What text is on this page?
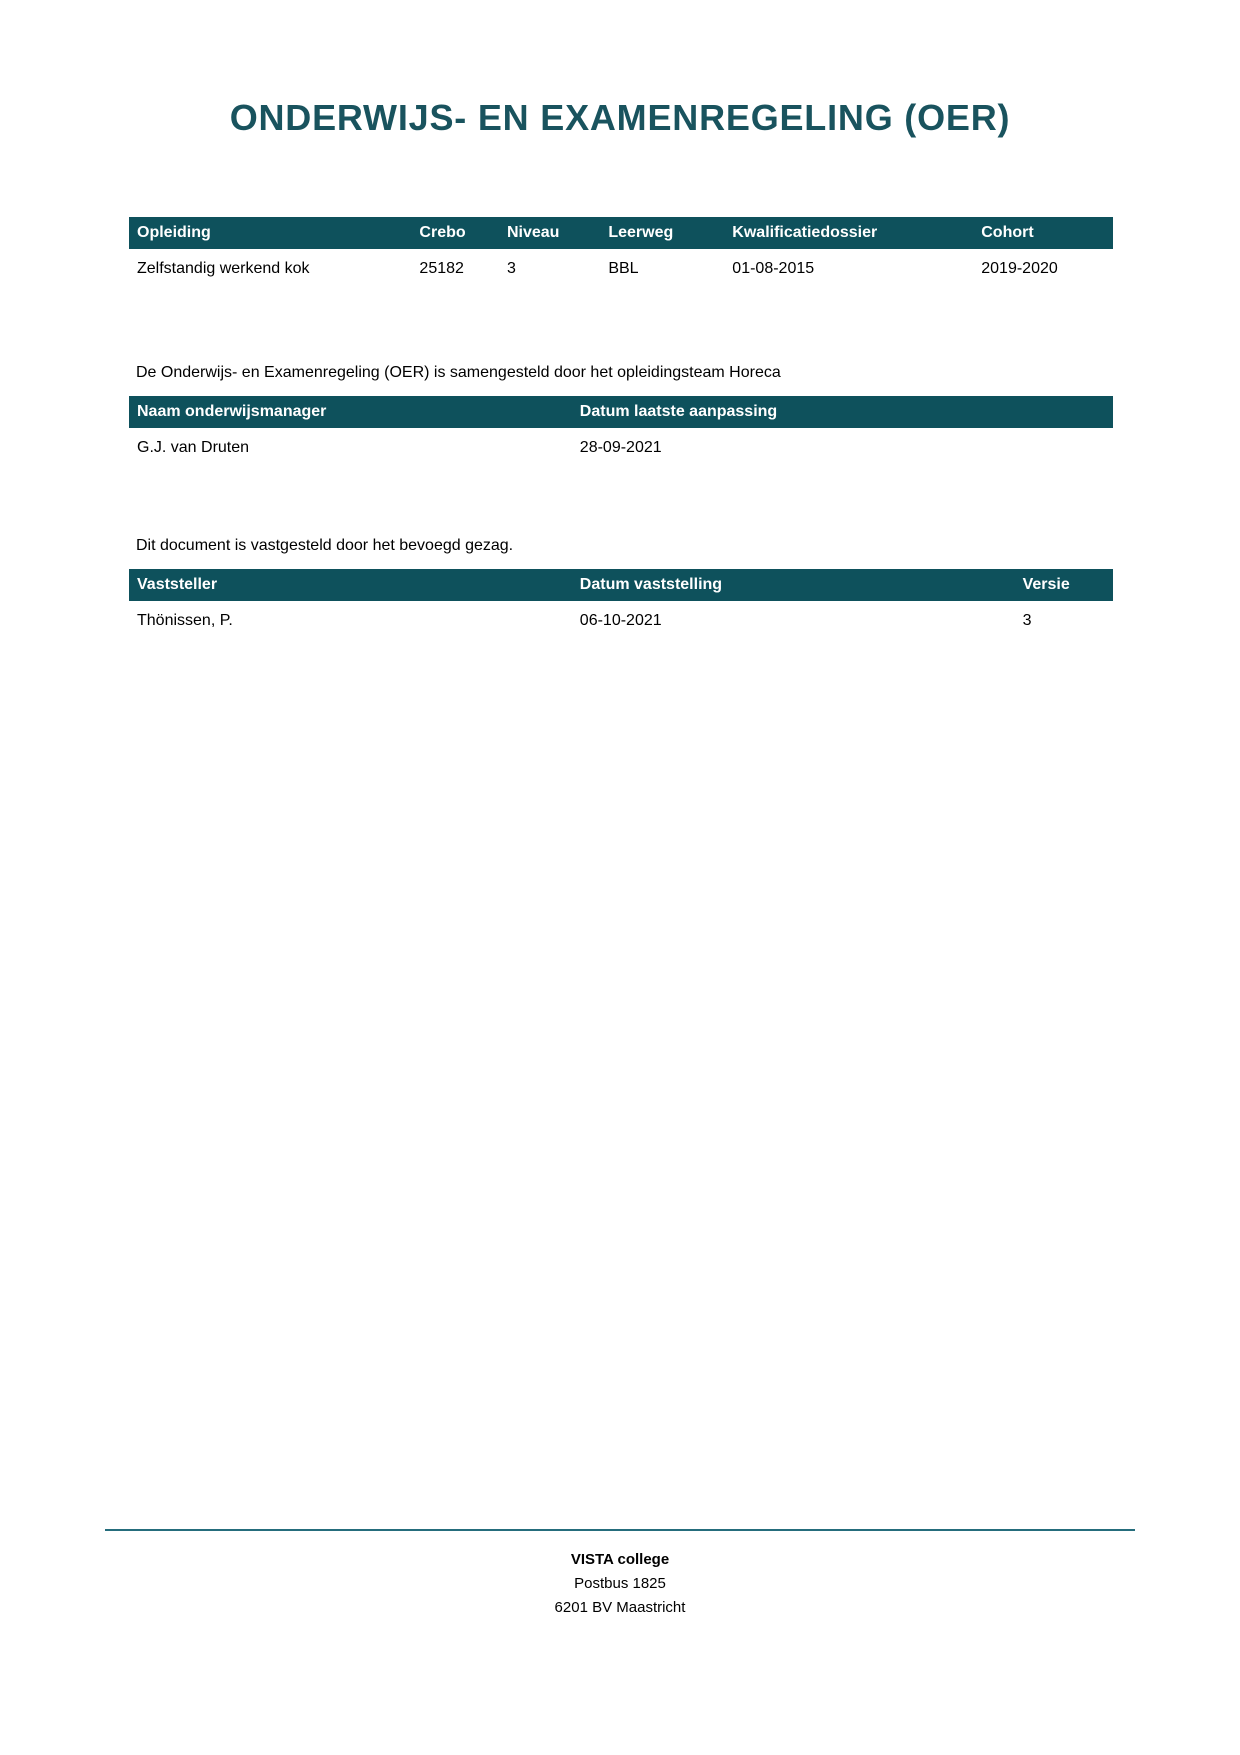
ONDERWIJS- EN EXAMENREGELING (OER)
Opleiding	Crebo	Niveau	Leerweg	Kwalificatiedossier	Cohort
Zelfstandig werkend kok	25182	3	BBL	01-08-2015	2019-2020

De Onderwijs- en Examenregeling (OER) is samengesteld door het opleidingsteam Horeca

Naam onderwijsmanager	Datum laatste aanpassing
G.J. van Druten	28-09-2021

Dit document is vastgesteld door het bevoegd gezag.

Vaststeller	Datum vaststelling	Versie
Thönissen, P.	06-10-2021	3
VISTA college
Postbus 1825
6201 BV Maastricht
